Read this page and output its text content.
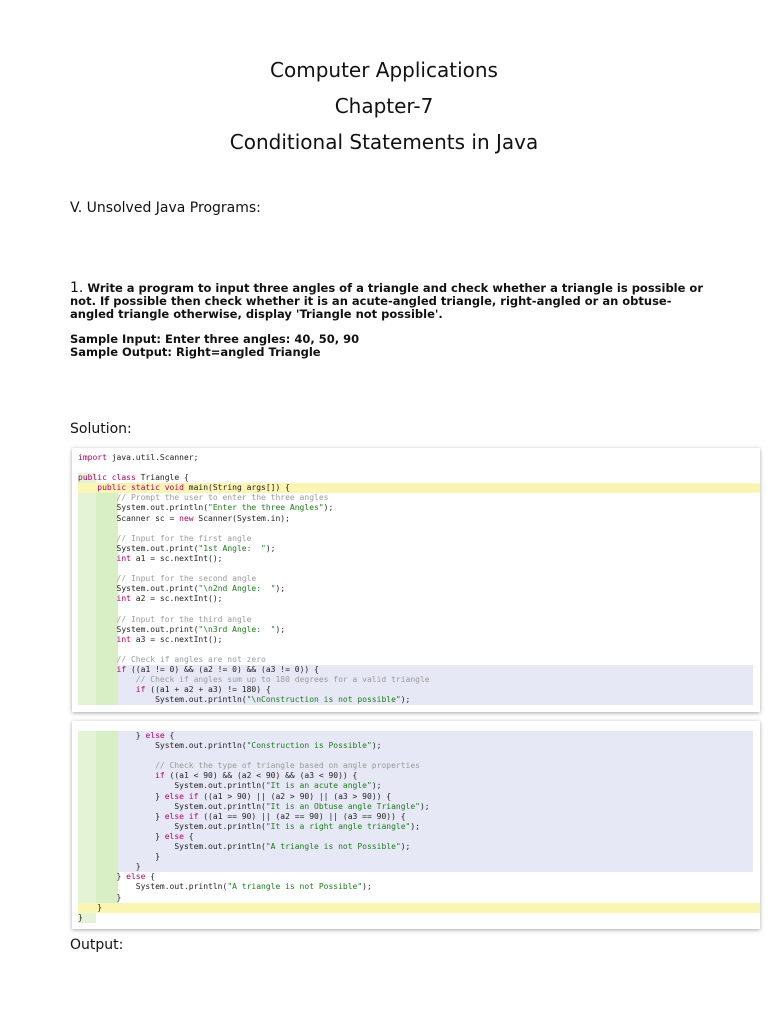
Computer Applications
Chapter-7
Conditional Statements in Java
V. Unsolved Java Programs:
1. Write a program to input three angles of a triangle and check whether a triangle is possible or not. If possible then check whether it is an acute-angled triangle, right-angled or an obtuse-angled triangle otherwise, display 'Triangle not possible'.
Sample Input: Enter three angles: 40, 50, 90
Sample Output: Right=angled Triangle
Solution:
import java.util.Scanner;
public class Triangle {
public static void main(String args[]) {
// Prompt the user to enter the three angles
System.out.println("Enter the three Angles");
Scanner sc = new Scanner(System.in);
// Input for the first angle
System.out.print("1st Angle:  ");
int a1 = sc.nextInt();
// Input for the second angle
System.out.print("\n2nd Angle:  ");
int a2 = sc.nextInt();
// Input for the third angle
System.out.print("\n3rd Angle:  ");
int a3 = sc.nextInt();
// Check if angles are not zero
if ((a1 != 0) && (a2 != 0) && (a3 != 0)) {
// Check if angles sum up to 180 degrees for a valid triangle
if ((a1 + a2 + a3) != 180) {
System.out.println("\nConstruction is not possible");
} else {
System.out.println("Construction is Possible");
// Check the type of triangle based on angle properties
if ((a1 < 90) && (a2 < 90) && (a3 < 90)) {
System.out.println("It is an acute angle");
} else if ((a1 > 90) || (a2 > 90) || (a3 > 90)) {
System.out.println("It is an Obtuse angle Triangle");
} else if ((a1 == 90) || (a2 == 90) || (a3 == 90)) {
System.out.println("It is a right angle triangle");
} else {
System.out.println("A triangle is not Possible");
}
}
} else {
System.out.println("A triangle is not Possible");
}
}
}
Output:
